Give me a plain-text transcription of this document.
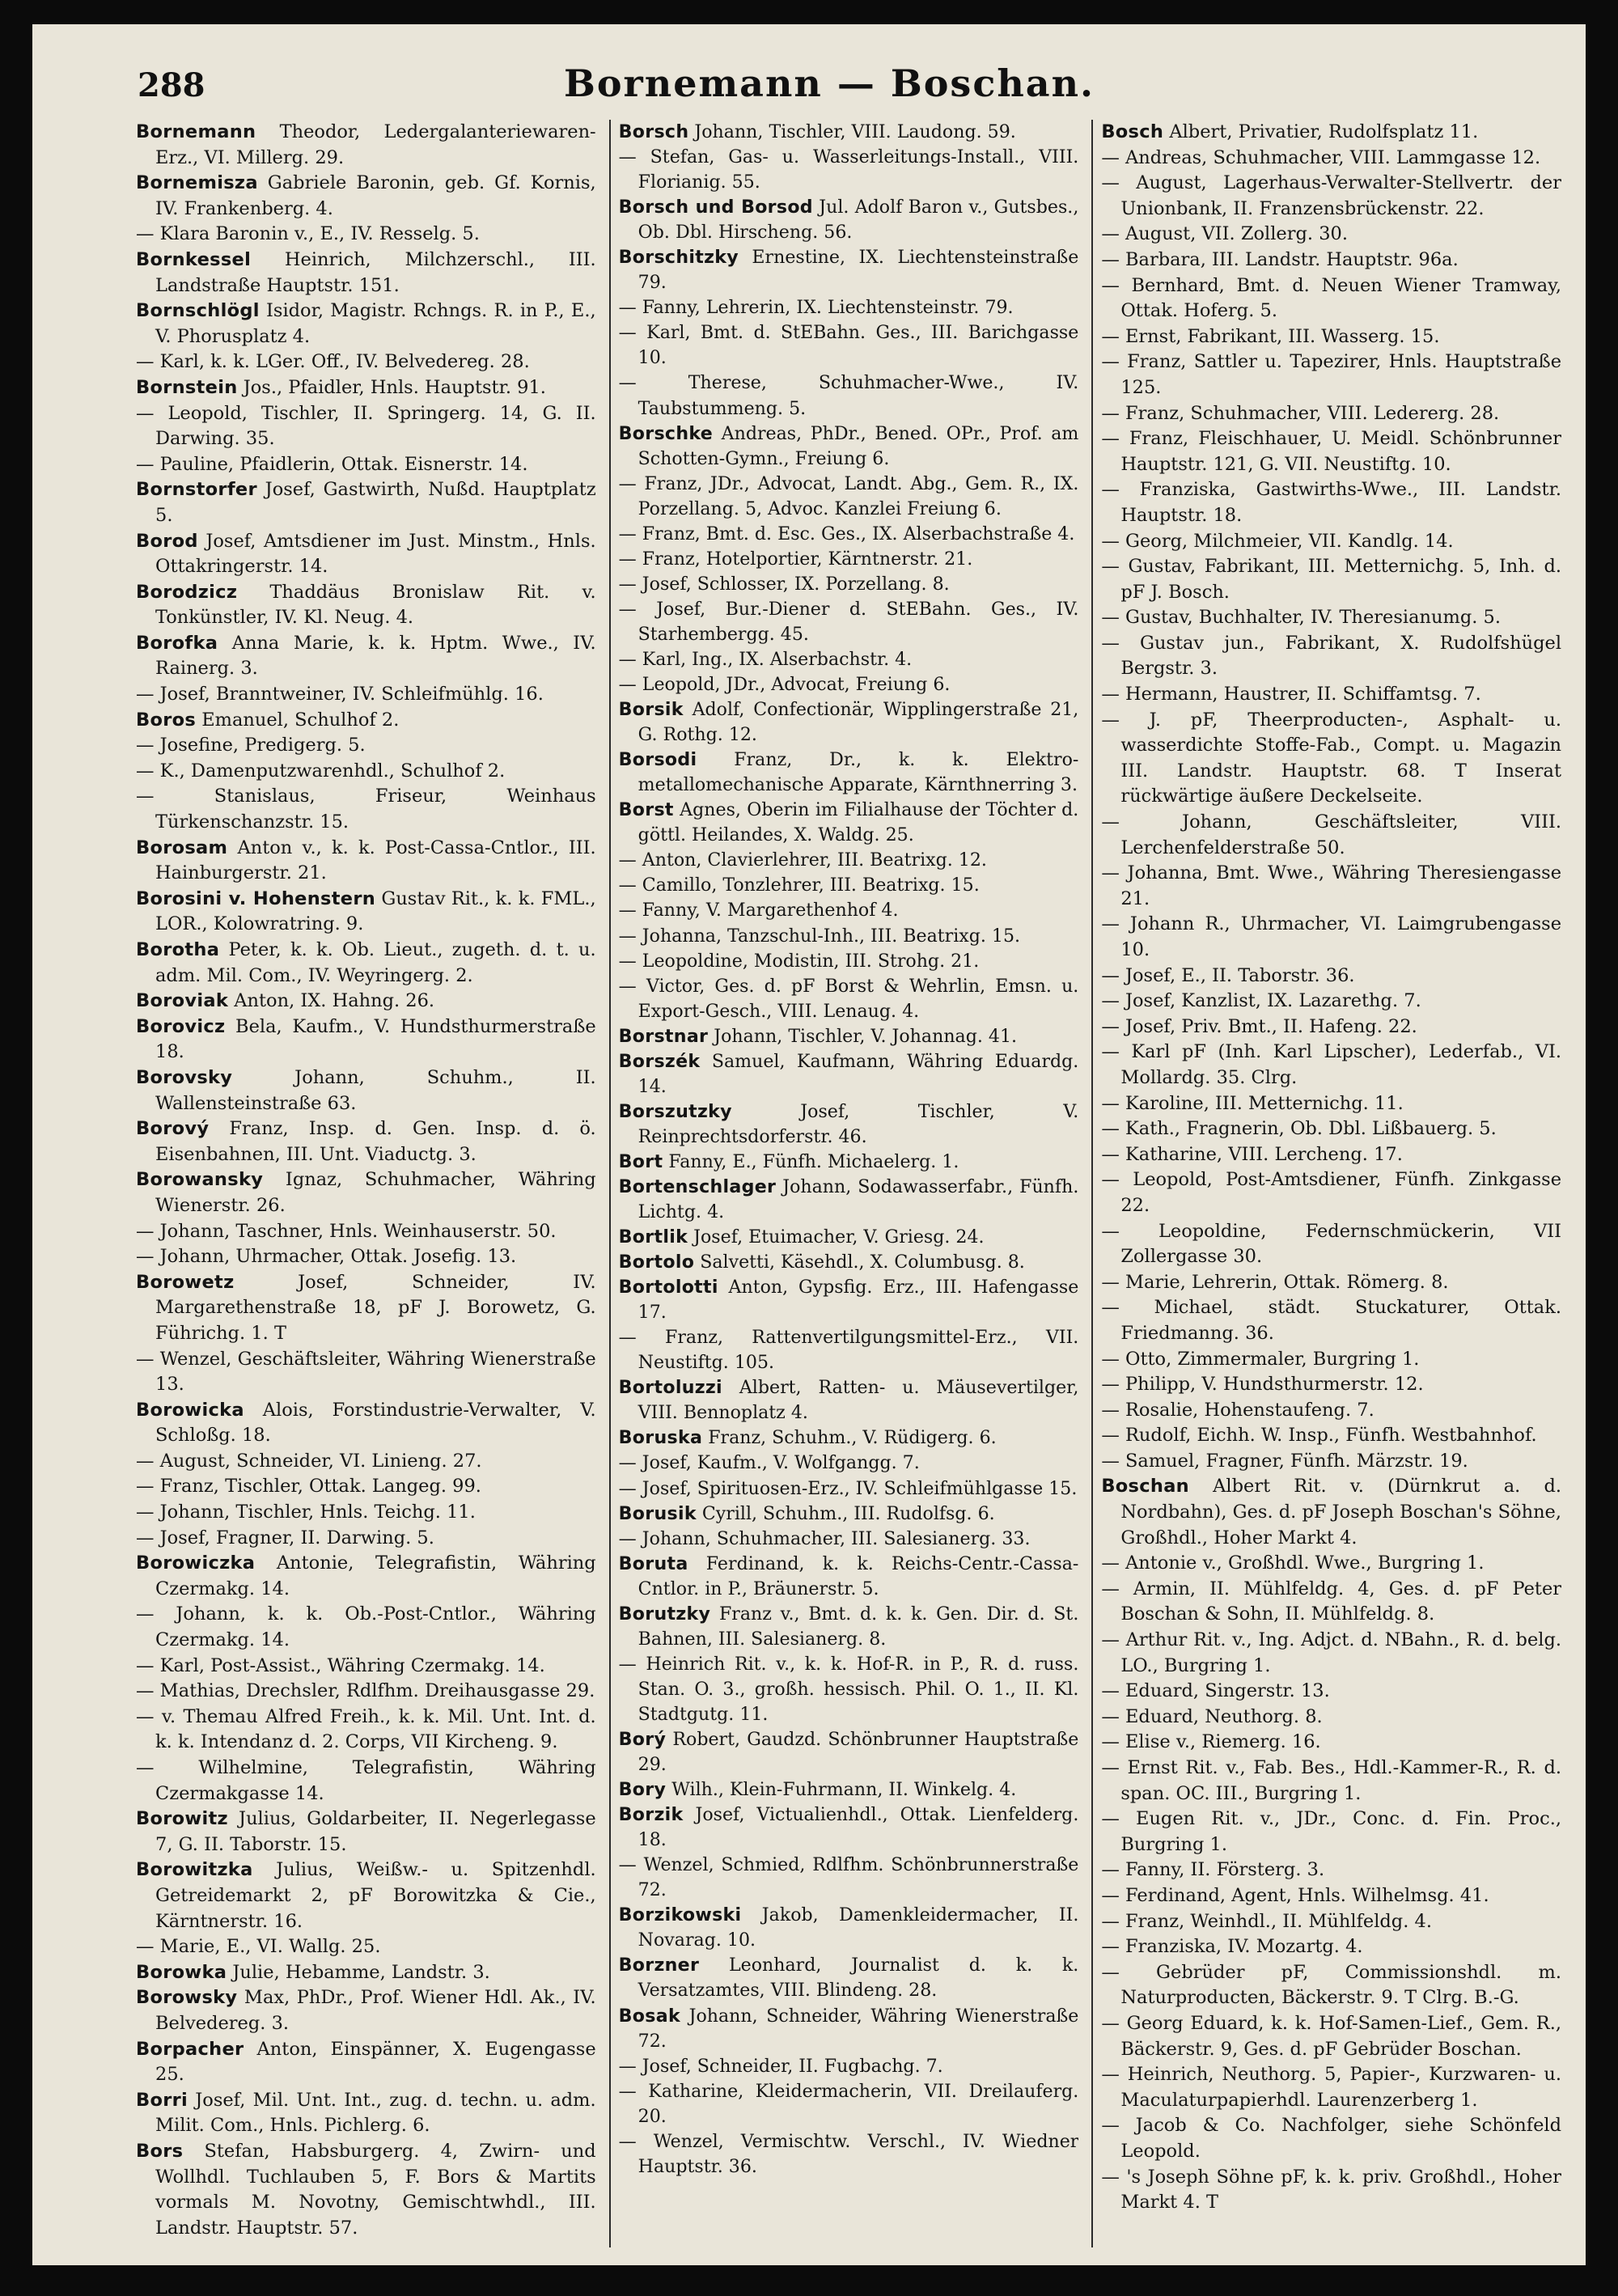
288	Bornemann — Boschan.

Bornemann Theodor, Ledergalanteriewaren-Erz., VI. Millerg. 29.

Bornemisza Gabriele Baronin, geb. Gf. Kornis, IV. Frankenberg. 4.

— Klara Baronin v., E., IV. Resselg. 5.

Bornkessel Heinrich, Milchzerschl., III. Landstraße Hauptstr. 151.

Bornschlögl Isidor, Magistr. Rchngs. R. in P., E., V. Phorusplatz 4.

— Karl, k. k. LGer. Off., IV. Belvedereg. 28.

Bornstein Jos., Pfaidler, Hnls. Hauptstr. 91.

— Leopold, Tischler, II. Springerg. 14, G. II. Darwing. 35.

— Pauline, Pfaidlerin, Ottak. Eisnerstr. 14.

Bornstorfer Josef, Gastwirth, Nußd. Hauptplatz 5.

Borod Josef, Amtsdiener im Just. Minstm., Hnls. Ottakringerstr. 14.

Borodzicz Thaddäus Bronislaw Rit. v. Tonkünstler, IV. Kl. Neug. 4.

Borofka Anna Marie, k. k. Hptm. Wwe., IV. Rainerg. 3.

— Josef, Branntweiner, IV. Schleifmühlg. 16.

Boros Emanuel, Schulhof 2.

— Josefine, Predigerg. 5.

— K., Damenputzwarenhdl., Schulhof 2.

— Stanislaus, Friseur, Weinhaus Türkenschanzstr. 15.

Borosam Anton v., k. k. Post-Cassa-Cntlor., III. Hainburgerstr. 21.

Borosini v. Hohenstern Gustav Rit., k. k. FML., LOR., Kolowratring. 9.

Borotha Peter, k. k. Ob. Lieut., zugeth. d. t. u. adm. Mil. Com., IV. Weyringerg. 2.

Boroviak Anton, IX. Hahng. 26.

Borovicz Bela, Kaufm., V. Hundsthurmerstraße 18.

Borovsky Johann, Schuhm., II. Wallensteinstraße 63.

Borový Franz, Insp. d. Gen. Insp. d. ö. Eisenbahnen, III. Unt. Viaductg. 3.

Borowansky Ignaz, Schuhmacher, Währing Wienerstr. 26.

— Johann, Taschner, Hnls. Weinhauserstr. 50.

— Johann, Uhrmacher, Ottak. Josefig. 13.

Borowetz Josef, Schneider, IV. Margarethenstraße 18, pF J. Borowetz, G. Führichg. 1. T

— Wenzel, Geschäftsleiter, Währing Wienerstraße 13.

Borowicka Alois, Forstindustrie-Verwalter, V. Schloßg. 18.

— August, Schneider, VI. Linieng. 27.

— Franz, Tischler, Ottak. Langeg. 99.

— Johann, Tischler, Hnls. Teichg. 11.

— Josef, Fragner, II. Darwing. 5.

Borowiczka Antonie, Telegrafistin, Währing Czermakg. 14.

— Johann, k. k. Ob.-Post-Cntlor., Währing Czermakg. 14.

— Karl, Post-Assist., Währing Czermakg. 14.

— Mathias, Drechsler, Rdlfhm. Dreihausgasse 29.

— v. Themau Alfred Freih., k. k. Mil. Unt. Int. d. k. k. Intendanz d. 2. Corps, VII Kircheng. 9.

— Wilhelmine, Telegrafistin, Währing Czermakgasse 14.

Borowitz Julius, Goldarbeiter, II. Negerlegasse 7, G. II. Taborstr. 15.

Borowitzka Julius, Weißw.- u. Spitzenhdl. Getreidemarkt 2, pF Borowitzka & Cie., Kärntnerstr. 16.

— Marie, E., VI. Wallg. 25.

Borowka Julie, Hebamme, Landstr. 3.

Borowsky Max, PhDr., Prof. Wiener Hdl. Ak., IV. Belvedereg. 3.

Borpacher Anton, Einspänner, X. Eugengasse 25.

Borri Josef, Mil. Unt. Int., zug. d. techn. u. adm. Milit. Com., Hnls. Pichlerg. 6.

Bors Stefan, Habsburgerg. 4, Zwirn- und Wollhdl. Tuchlauben 5, F. Bors & Martits vormals M. Novotny, Gemischtwhdl., III. Landstr. Hauptstr. 57.

Borsch Johann, Tischler, VIII. Laudong. 59.

— Stefan, Gas- u. Wasserleitungs-Install., VIII. Florianig. 55.

Borsch und Borsod Jul. Adolf Baron v., Gutsbes., Ob. Dbl. Hirscheng. 56.

Borschitzky Ernestine, IX. Liechtensteinstraße 79.

— Fanny, Lehrerin, IX. Liechtensteinstr. 79.

— Karl, Bmt. d. StEBahn. Ges., III. Barichgasse 10.

— Therese, Schuhmacher-Wwe., IV. Taubstummeng. 5.

Borschke Andreas, PhDr., Bened. OPr., Prof. am Schotten-Gymn., Freiung 6.

— Franz, JDr., Advocat, Landt. Abg., Gem. R., IX. Porzellang. 5, Advoc. Kanzlei Freiung 6.

— Franz, Bmt. d. Esc. Ges., IX. Alserbachstraße 4.

— Franz, Hotelportier, Kärntnerstr. 21.

— Josef, Schlosser, IX. Porzellang. 8.

— Josef, Bur.-Diener d. StEBahn. Ges., IV. Starhembergg. 45.

— Karl, Ing., IX. Alserbachstr. 4.

— Leopold, JDr., Advocat, Freiung 6.

Borsik Adolf, Confectionär, Wipplingerstraße 21, G. Rothg. 12.

Borsodi Franz, Dr., k. k. Elektro-metallomechanische Apparate, Kärnthnerring 3.

Borst Agnes, Oberin im Filialhause der Töchter d. göttl. Heilandes, X. Waldg. 25.

— Anton, Clavierlehrer, III. Beatrixg. 12.

— Camillo, Tonzlehrer, III. Beatrixg. 15.

— Fanny, V. Margarethenhof 4.

— Johanna, Tanzschul-Inh., III. Beatrixg. 15.

— Leopoldine, Modistin, III. Strohg. 21.

— Victor, Ges. d. pF Borst & Wehrlin, Emsn. u. Export-Gesch., VIII. Lenaug. 4.

Borstnar Johann, Tischler, V. Johannag. 41.

Borszék Samuel, Kaufmann, Währing Eduardg. 14.

Borszutzky Josef, Tischler, V. Reinprechtsdorferstr. 46.

Bort Fanny, E., Fünfh. Michaelerg. 1.

Bortenschlager Johann, Sodawasserfabr., Fünfh. Lichtg. 4.

Bortlik Josef, Etuimacher, V. Griesg. 24.

Bortolo Salvetti, Käsehdl., X. Columbusg. 8.

Bortolotti Anton, Gypsfig. Erz., III. Hafengasse 17.

— Franz, Rattenvertilgungsmittel-Erz., VII. Neustiftg. 105.

Bortoluzzi Albert, Ratten- u. Mäusevertilger, VIII. Bennoplatz 4.

Boruska Franz, Schuhm., V. Rüdigerg. 6.

— Josef, Kaufm., V. Wolfgangg. 7.

— Josef, Spirituosen-Erz., IV. Schleifmühlgasse 15.

Borusik Cyrill, Schuhm., III. Rudolfsg. 6.

— Johann, Schuhmacher, III. Salesianerg. 33.

Boruta Ferdinand, k. k. Reichs-Centr.-Cassa-Cntlor. in P., Bräunerstr. 5.

Borutzky Franz v., Bmt. d. k. k. Gen. Dir. d. St. Bahnen, III. Salesianerg. 8.

— Heinrich Rit. v., k. k. Hof-R. in P., R. d. russ. Stan. O. 3., großh. hessisch. Phil. O. 1., II. Kl. Stadtgutg. 11.

Borý Robert, Gaudzd. Schönbrunner Hauptstraße 29.

Bory Wilh., Klein-Fuhrmann, II. Winkelg. 4.

Borzik Josef, Victualienhdl., Ottak. Lienfelderg. 18.

— Wenzel, Schmied, Rdlfhm. Schönbrunnerstraße 72.

Borzikowski Jakob, Damenkleidermacher, II. Novarag. 10.

Borzner Leonhard, Journalist d. k. k. Versatzamtes, VIII. Blindeng. 28.

Bosak Johann, Schneider, Währing Wienerstraße 72.

— Josef, Schneider, II. Fugbachg. 7.

— Katharine, Kleidermacherin, VII. Dreilauferg. 20.

— Wenzel, Vermischtw. Verschl., IV. Wiedner Hauptstr. 36.

Bosch Albert, Privatier, Rudolfsplatz 11.

— Andreas, Schuhmacher, VIII. Lammgasse 12.

— August, Lagerhaus-Verwalter-Stellvertr. der Unionbank, II. Franzensbrückenstr. 22.

— August, VII. Zollerg. 30.

— Barbara, III. Landstr. Hauptstr. 96a.

— Bernhard, Bmt. d. Neuen Wiener Tramway, Ottak. Hoferg. 5.

— Ernst, Fabrikant, III. Wasserg. 15.

— Franz, Sattler u. Tapezirer, Hnls. Hauptstraße 125.

— Franz, Schuhmacher, VIII. Ledererg. 28.

— Franz, Fleischhauer, U. Meidl. Schönbrunner Hauptstr. 121, G. VII. Neustiftg. 10.

— Franziska, Gastwirths-Wwe., III. Landstr. Hauptstr. 18.

— Georg, Milchmeier, VII. Kandlg. 14.

— Gustav, Fabrikant, III. Metternichg. 5, Inh. d. pF J. Bosch.

— Gustav, Buchhalter, IV. Theresianumg. 5.

— Gustav jun., Fabrikant, X. Rudolfshügel Bergstr. 3.

— Hermann, Haustrer, II. Schiffamtsg. 7.

— J. pF, Theerproducten-, Asphalt- u. wasserdichte Stoffe-Fab., Compt. u. Magazin III. Landstr. Hauptstr. 68. T Inserat rückwärtige äußere Deckelseite.

— Johann, Geschäftsleiter, VIII. Lerchenfelderstraße 50.

— Johanna, Bmt. Wwe., Währing Theresiengasse 21.

— Johann R., Uhrmacher, VI. Laimgrubengasse 10.

— Josef, E., II. Taborstr. 36.

— Josef, Kanzlist, IX. Lazarethg. 7.

— Josef, Priv. Bmt., II. Hafeng. 22.

— Karl pF (Inh. Karl Lipscher), Lederfab., VI. Mollardg. 35. Clrg.

— Karoline, III. Metternichg. 11.

— Kath., Fragnerin, Ob. Dbl. Lißbauerg. 5.

— Katharine, VIII. Lercheng. 17.

— Leopold, Post-Amtsdiener, Fünfh. Zinkgasse 22.

— Leopoldine, Federnschmückerin, VII Zollergasse 30.

— Marie, Lehrerin, Ottak. Römerg. 8.

— Michael, städt. Stuckaturer, Ottak. Friedmanng. 36.

— Otto, Zimmermaler, Burgring 1.

— Philipp, V. Hundsthurmerstr. 12.

— Rosalie, Hohenstaufeng. 7.

— Rudolf, Eichh. W. Insp., Fünfh. Westbahnhof.

— Samuel, Fragner, Fünfh. Märzstr. 19.

Boschan Albert Rit. v. (Dürnkrut a. d. Nordbahn), Ges. d. pF Joseph Boschan's Söhne, Großhdl., Hoher Markt 4.

— Antonie v., Großhdl. Wwe., Burgring 1.

— Armin, II. Mühlfeldg. 4, Ges. d. pF Peter Boschan & Sohn, II. Mühlfeldg. 8.

— Arthur Rit. v., Ing. Adjct. d. NBahn., R. d. belg. LO., Burgring 1.

— Eduard, Singerstr. 13.

— Eduard, Neuthorg. 8.

— Elise v., Riemerg. 16.

— Ernst Rit. v., Fab. Bes., Hdl.-Kammer-R., R. d. span. OC. III., Burgring 1.

— Eugen Rit. v., JDr., Conc. d. Fin. Proc., Burgring 1.

— Fanny, II. Försterg. 3.

— Ferdinand, Agent, Hnls. Wilhelmsg. 41.

— Franz, Weinhdl., II. Mühlfeldg. 4.

— Franziska, IV. Mozartg. 4.

— Gebrüder pF, Commissionshdl. m. Naturproducten, Bäckerstr. 9. T Clrg. B.-G.

— Georg Eduard, k. k. Hof-Samen-Lief., Gem. R., Bäckerstr. 9, Ges. d. pF Gebrüder Boschan.

— Heinrich, Neuthorg. 5, Papier-, Kurzwaren- u. Maculaturpapierhdl. Laurenzerberg 1.

— Jacob & Co. Nachfolger, siehe Schönfeld Leopold.

— 's Joseph Söhne pF, k. k. priv. Großhdl., Hoher Markt 4. T
